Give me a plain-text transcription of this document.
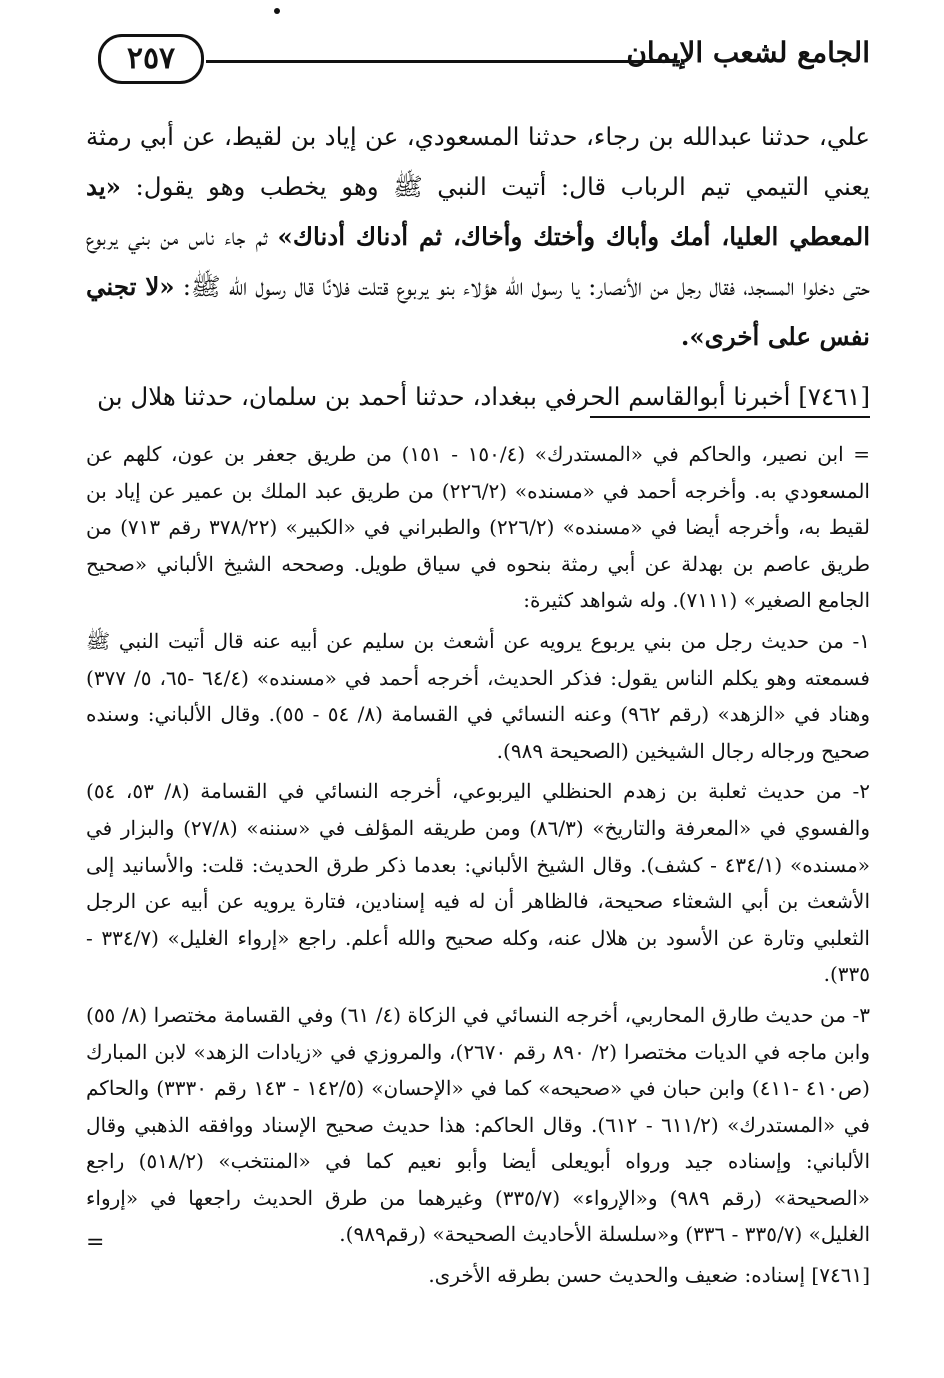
٢٥٧	الجامع لشعب الإيمان

علي، حدثنا عبدالله بن رجاء، حدثنا المسعودي، عن إياد بن لقيط، عن أبي رمثة يعني التيمي تيم الرباب قال: أتيت النبي ﷺ وهو يخطب وهو يقول: «يد المعطي العليا، أمك وأباك وأختك وأخاك، ثم أدناك أدناك» ثم جاء ناس من بني يربوع حتى دخلوا المسجد، فقال رجل من الأنصار: يا رسول الله هؤلاء بنو يربوع قتلت فلانًا قال رسول الله ﷺ: «لا تجني نفس على أخرى».

[٧٤٦١] أخبرنا أبوالقاسم الحرفي ببغداد، حدثنا أحمد بن سلمان، حدثنا هلال بن

= ابن نصير، والحاكم في «المستدرك» (١٥٠/٤ - ١٥١) من طريق جعفر بن عون، كلهم عن المسعودي به. وأخرجه أحمد في «مسنده» (٢٢٦/٢) من طريق عبد الملك بن عمير عن إياد بن لقيط به، وأخرجه أيضا في «مسنده» (٢٢٦/٢) والطبراني في «الكبير» (٣٧٨/٢٢ رقم ٧١٣) من طريق عاصم بن بهدلة عن أبي رمثة بنحوه في سياق طويل. وصححه الشيخ الألباني «صحيح الجامع الصغير» (٧١١١). وله شواهد كثيرة:

١- من حديث رجل من بني يربوع يرويه عن أشعث بن سليم عن أبيه عنه قال أتيت النبي ﷺ فسمعته وهو يكلم الناس يقول: فذكر الحديث، أخرجه أحمد في «مسنده» (٦٤/٤ -٦٥، ٥/ ٣٧٧) وهناد في «الزهد» (رقم ٩٦٢) وعنه النسائي في القسامة (٨/ ٥٤ - ٥٥). وقال الألباني: وسنده صحيح ورجاله رجال الشيخين (الصحيحة ٩٨٩).

٢- من حديث ثعلبة بن زهدم الحنظلي اليربوعي، أخرجه النسائي في القسامة (٨/ ٥٣، ٥٤) والفسوي في «المعرفة والتاريخ» (٨٦/٣) ومن طريقه المؤلف في «سننه» (٢٧/٨) والبزار في «مسنده» (٤٣٤/١ - كشف). وقال الشيخ الألباني: بعدما ذكر طرق الحديث: قلت: والأسانيد إلى الأشعث بن أبي الشعثاء صحيحة، فالظاهر أن له فيه إسنادين، فتارة يرويه عن أبيه عن الرجل الثعلبي وتارة عن الأسود بن هلال عنه، وكله صحيح والله أعلم. راجع «إرواء الغليل» (٣٣٤/٧ - ٣٣٥).

٣- من حديث طارق المحاربي، أخرجه النسائي في الزكاة (٤/ ٦١) وفي القسامة مختصرا (٨/ ٥٥) وابن ماجه في الديات مختصرا (٢/ ٨٩٠ رقم ٢٦٧٠)، والمروزي في «زيادات الزهد» لابن المبارك (ص٤١٠ -٤١١) وابن حبان في «صحيحه» كما في «الإحسان» (١٤٢/٥ - ١٤٣ رقم ٣٣٣٠) والحاكم في «المستدرك» (٦١١/٢ - ٦١٢). وقال الحاكم: هذا حديث صحيح الإسناد ووافقه الذهبي وقال الألباني: وإسناده جيد ورواه أبويعلى أيضا وأبو نعيم كما في «المنتخب» (٥١٨/٢) راجع «الصحيحة» (رقم ٩٨٩) و«الإرواء» (٣٣٥/٧) وغيرهما من طرق الحديث راجعها في «إرواء الغليل» (٣٣٥/٧ - ٣٣٦) و«سلسلة الأحاديث الصحيحة» (رقم٩٨٩).

[٧٤٦١] إسناده: ضعيف والحديث حسن بطرقه الأخرى.

=
